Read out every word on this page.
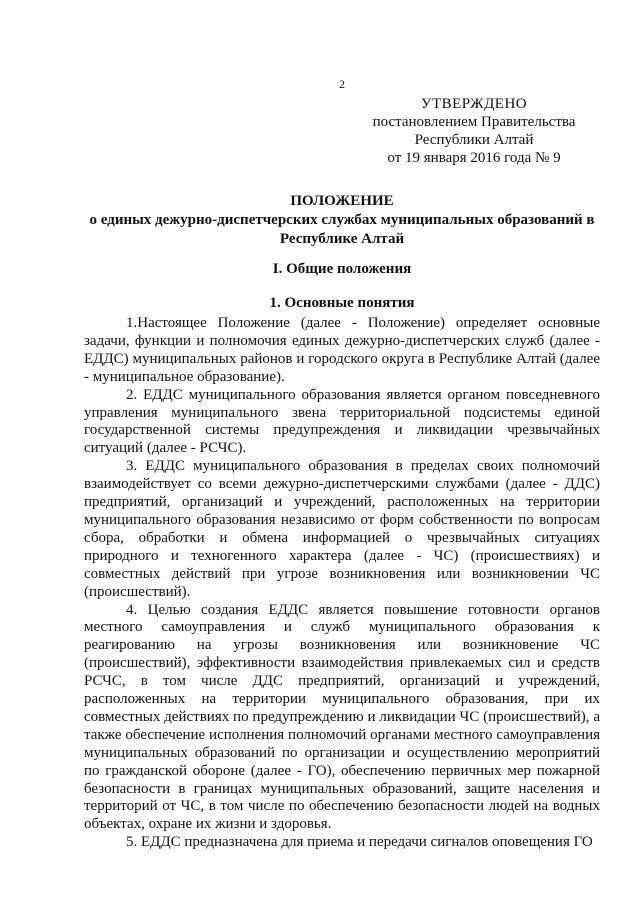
2
УТВЕРЖДЕНО
постановлением Правительства
Республики Алтай
от 19 января 2016 года № 9
ПОЛОЖЕНИЕ
о единых дежурно-диспетчерских службах муниципальных образований в Республике Алтай
I. Общие положения
1. Основные понятия

1.Настоящее Положение (далее - Положение) определяет основные задачи, функции и полномочия единых дежурно-диспетчерских служб (далее - ЕДДС) муниципальных районов и городского округа в Республике Алтай (далее - муниципальное образование).

2. ЕДДС муниципального образования является органом повседневного управления муниципального звена территориальной подсистемы единой государственной системы предупреждения и ликвидации чрезвычайных ситуаций (далее - РСЧС).

3. ЕДДС муниципального образования в пределах своих полномочий взаимодействует со всеми дежурно-диспетчерскими службами (далее - ДДС) предприятий, организаций и учреждений, расположенных на территории муниципального образования независимо от форм собственности по вопросам сбора, обработки и обмена информацией о чрезвычайных ситуациях природного и техногенного характера (далее - ЧС) (происшествиях) и совместных действий при угрозе возникновения или возникновении ЧС (происшествий).

4. Целью создания ЕДДС является повышение готовности органов местного самоуправления и служб муниципального образования к реагированию на угрозы возникновения или возникновение ЧС (происшествий), эффективности взаимодействия привлекаемых сил и средств РСЧС, в том числе ДДС предприятий, организаций и учреждений, расположенных на территории муниципального образования, при их совместных действиях по предупреждению и ликвидации ЧС (происшествий), а также обеспечение исполнения полномочий органами местного самоуправления муниципальных образований по организации и осуществлению мероприятий по гражданской обороне (далее - ГО), обеспечению первичных мер пожарной безопасности в границах муниципальных образований, защите населения и территорий от ЧС, в том числе по обеспечению безопасности людей на водных объектах, охране их жизни и здоровья.

5. ЕДДС предназначена для приема и передачи сигналов оповещения ГО
